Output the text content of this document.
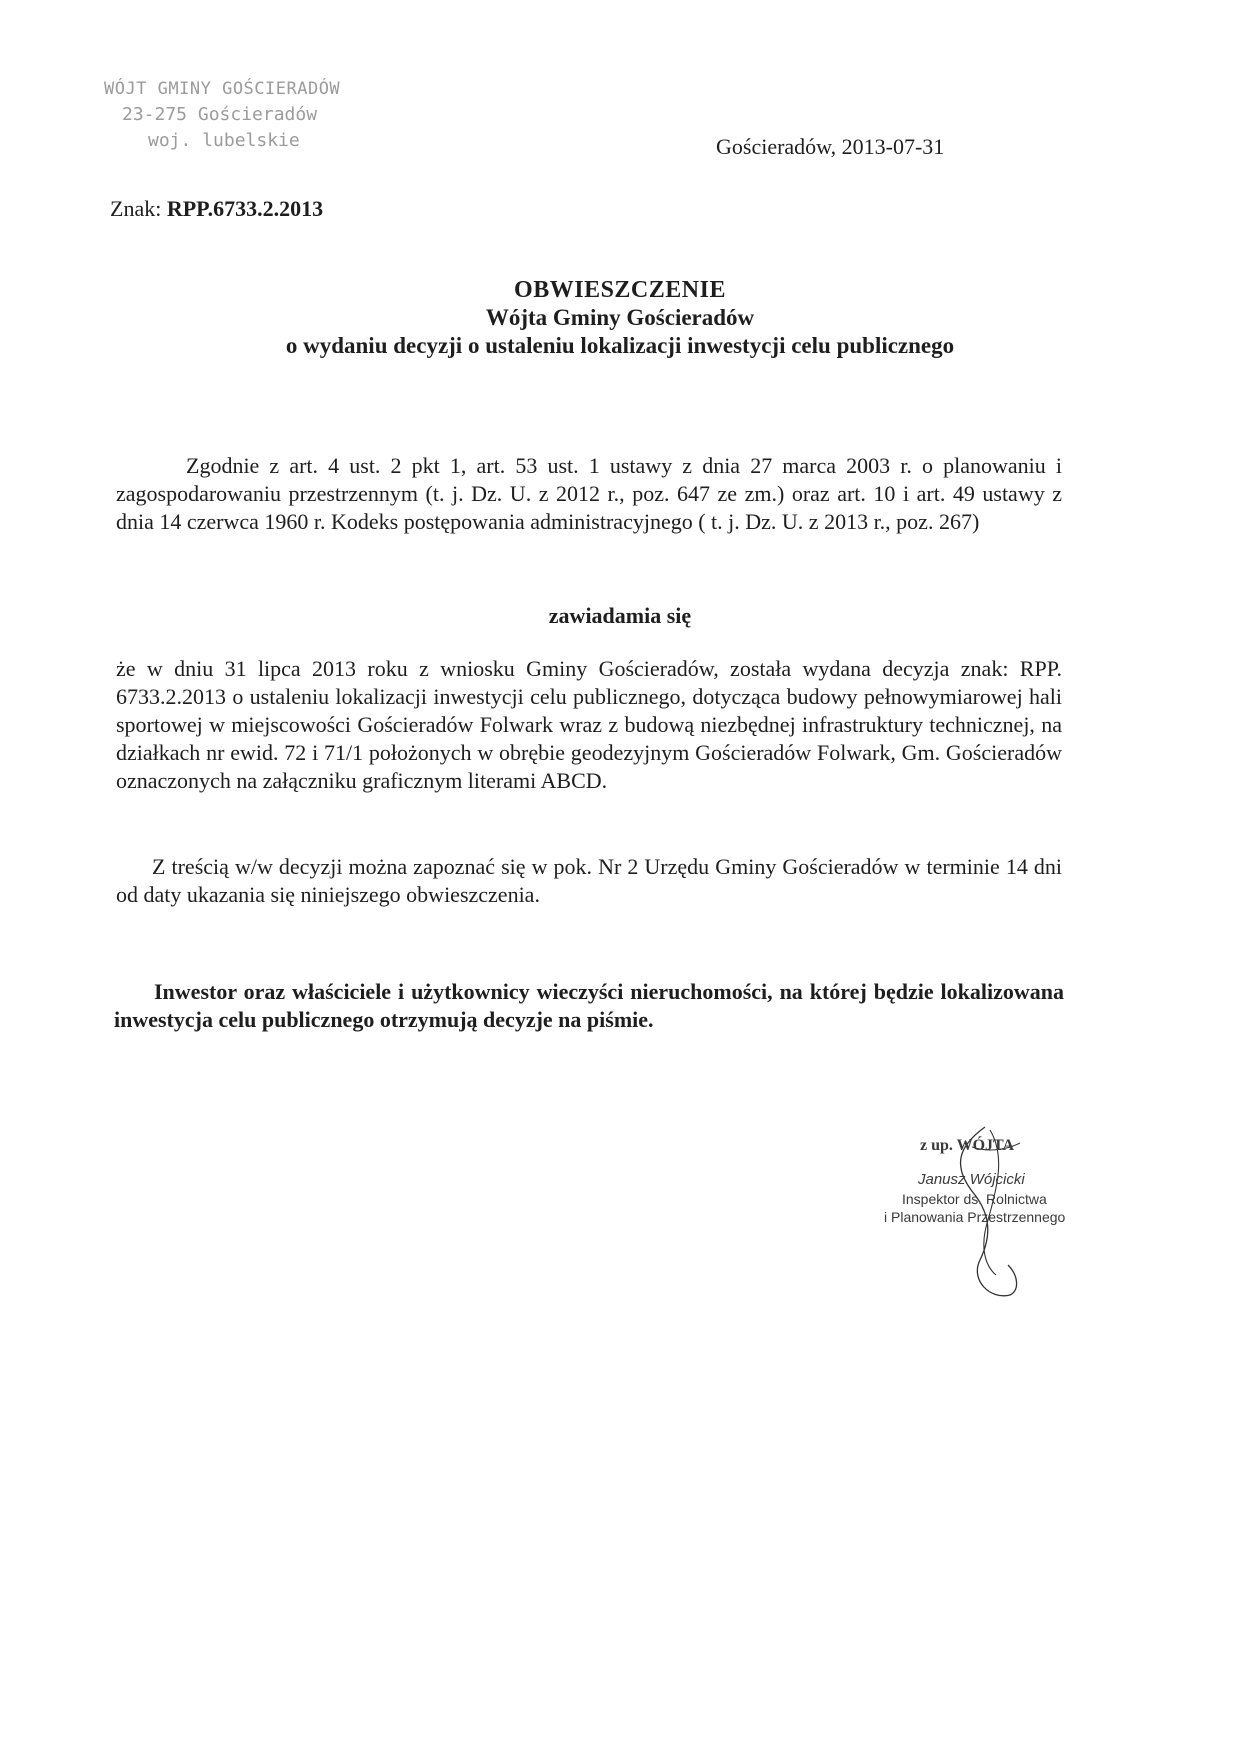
WÓJT GMINY GOŚCIERADÓW
23-275 Gościeradów
woj. lubelskie	Gościeradów, 2013-07-31
Znak: RPP.6733.2.2013
OBWIESZCZENIE
Wójta Gminy Gościeradów
o wydaniu decyzji o ustaleniu lokalizacji inwestycji celu publicznego
Zgodnie z art. 4 ust. 2 pkt 1, art. 53 ust. 1 ustawy z dnia 27 marca 2003 r. o planowaniu i zagospodarowaniu przestrzennym (t. j. Dz. U. z 2012 r., poz. 647 ze zm.) oraz art. 10 i art. 49 ustawy z dnia 14 czerwca 1960 r. Kodeks postępowania administracyjnego ( t. j. Dz. U. z 2013 r., poz. 267)
zawiadamia się
że w dniu 31 lipca 2013 roku z wniosku Gminy Gościeradów, została wydana decyzja znak: RPP. 6733.2.2013 o ustaleniu lokalizacji inwestycji celu publicznego, dotycząca budowy pełnowymiarowej hali sportowej w miejscowości Gościeradów Folwark wraz z budową niezbędnej infrastruktury technicznej, na działkach nr ewid. 72 i 71/1 położonych w obrębie geodezyjnym Gościeradów Folwark, Gm. Gościeradów oznaczonych na załączniku graficznym literami ABCD.
Z treścią w/w decyzji można zapoznać się w pok. Nr 2 Urzędu Gminy Gościeradów w terminie 14 dni od daty ukazania się niniejszego obwieszczenia.
Inwestor oraz właściciele i użytkownicy wieczyści nieruchomości, na której będzie lokalizowana inwestycja celu publicznego otrzymują decyzje na piśmie.
z up. WÓJTA
Janusz Wójcicki
Inspektor ds. Rolnictwa
i Planowania Przestrzennego
